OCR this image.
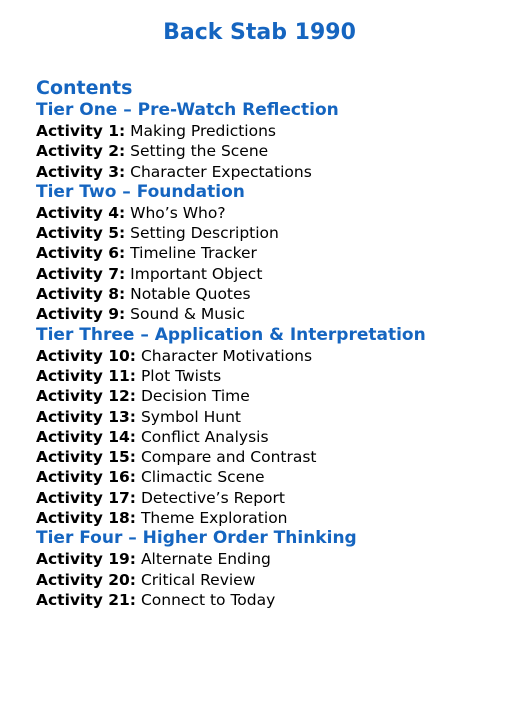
Back Stab 1990
Contents
Tier One – Pre-Watch Reflection

Activity 1: Making Predictions

Activity 2: Setting the Scene

Activity 3: Character Expectations

Tier Two – Foundation

Activity 4: Who’s Who?

Activity 5: Setting Description

Activity 6: Timeline Tracker

Activity 7: Important Object

Activity 8: Notable Quotes

Activity 9: Sound & Music

Tier Three – Application & Interpretation

Activity 10: Character Motivations

Activity 11: Plot Twists

Activity 12: Decision Time

Activity 13: Symbol Hunt

Activity 14: Conflict Analysis

Activity 15: Compare and Contrast

Activity 16: Climactic Scene

Activity 17: Detective’s Report

Activity 18: Theme Exploration

Tier Four – Higher Order Thinking

Activity 19: Alternate Ending

Activity 20: Critical Review

Activity 21: Connect to Today
